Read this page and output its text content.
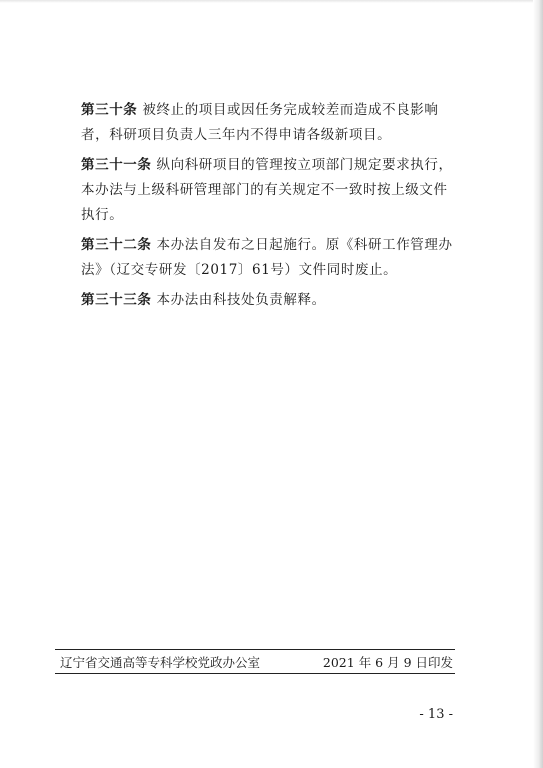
第三十条 被终止的项目或因任务完成较差而造成不良影响者，科研项目负责人三年内不得申请各级新项目。

第三十一条 纵向科研项目的管理按立项部门规定要求执行，本办法与上级科研管理部门的有关规定不一致时按上级文件执行。

第三十二条 本办法自发布之日起施行。原《科研工作管理办法》（辽交专研发〔2017〕61号）文件同时废止。

第三十三条 本办法由科技处负责解释。

辽宁省交通高等专科学校党政办公室	2021 年 6 月 9 日印发
- 13 -
